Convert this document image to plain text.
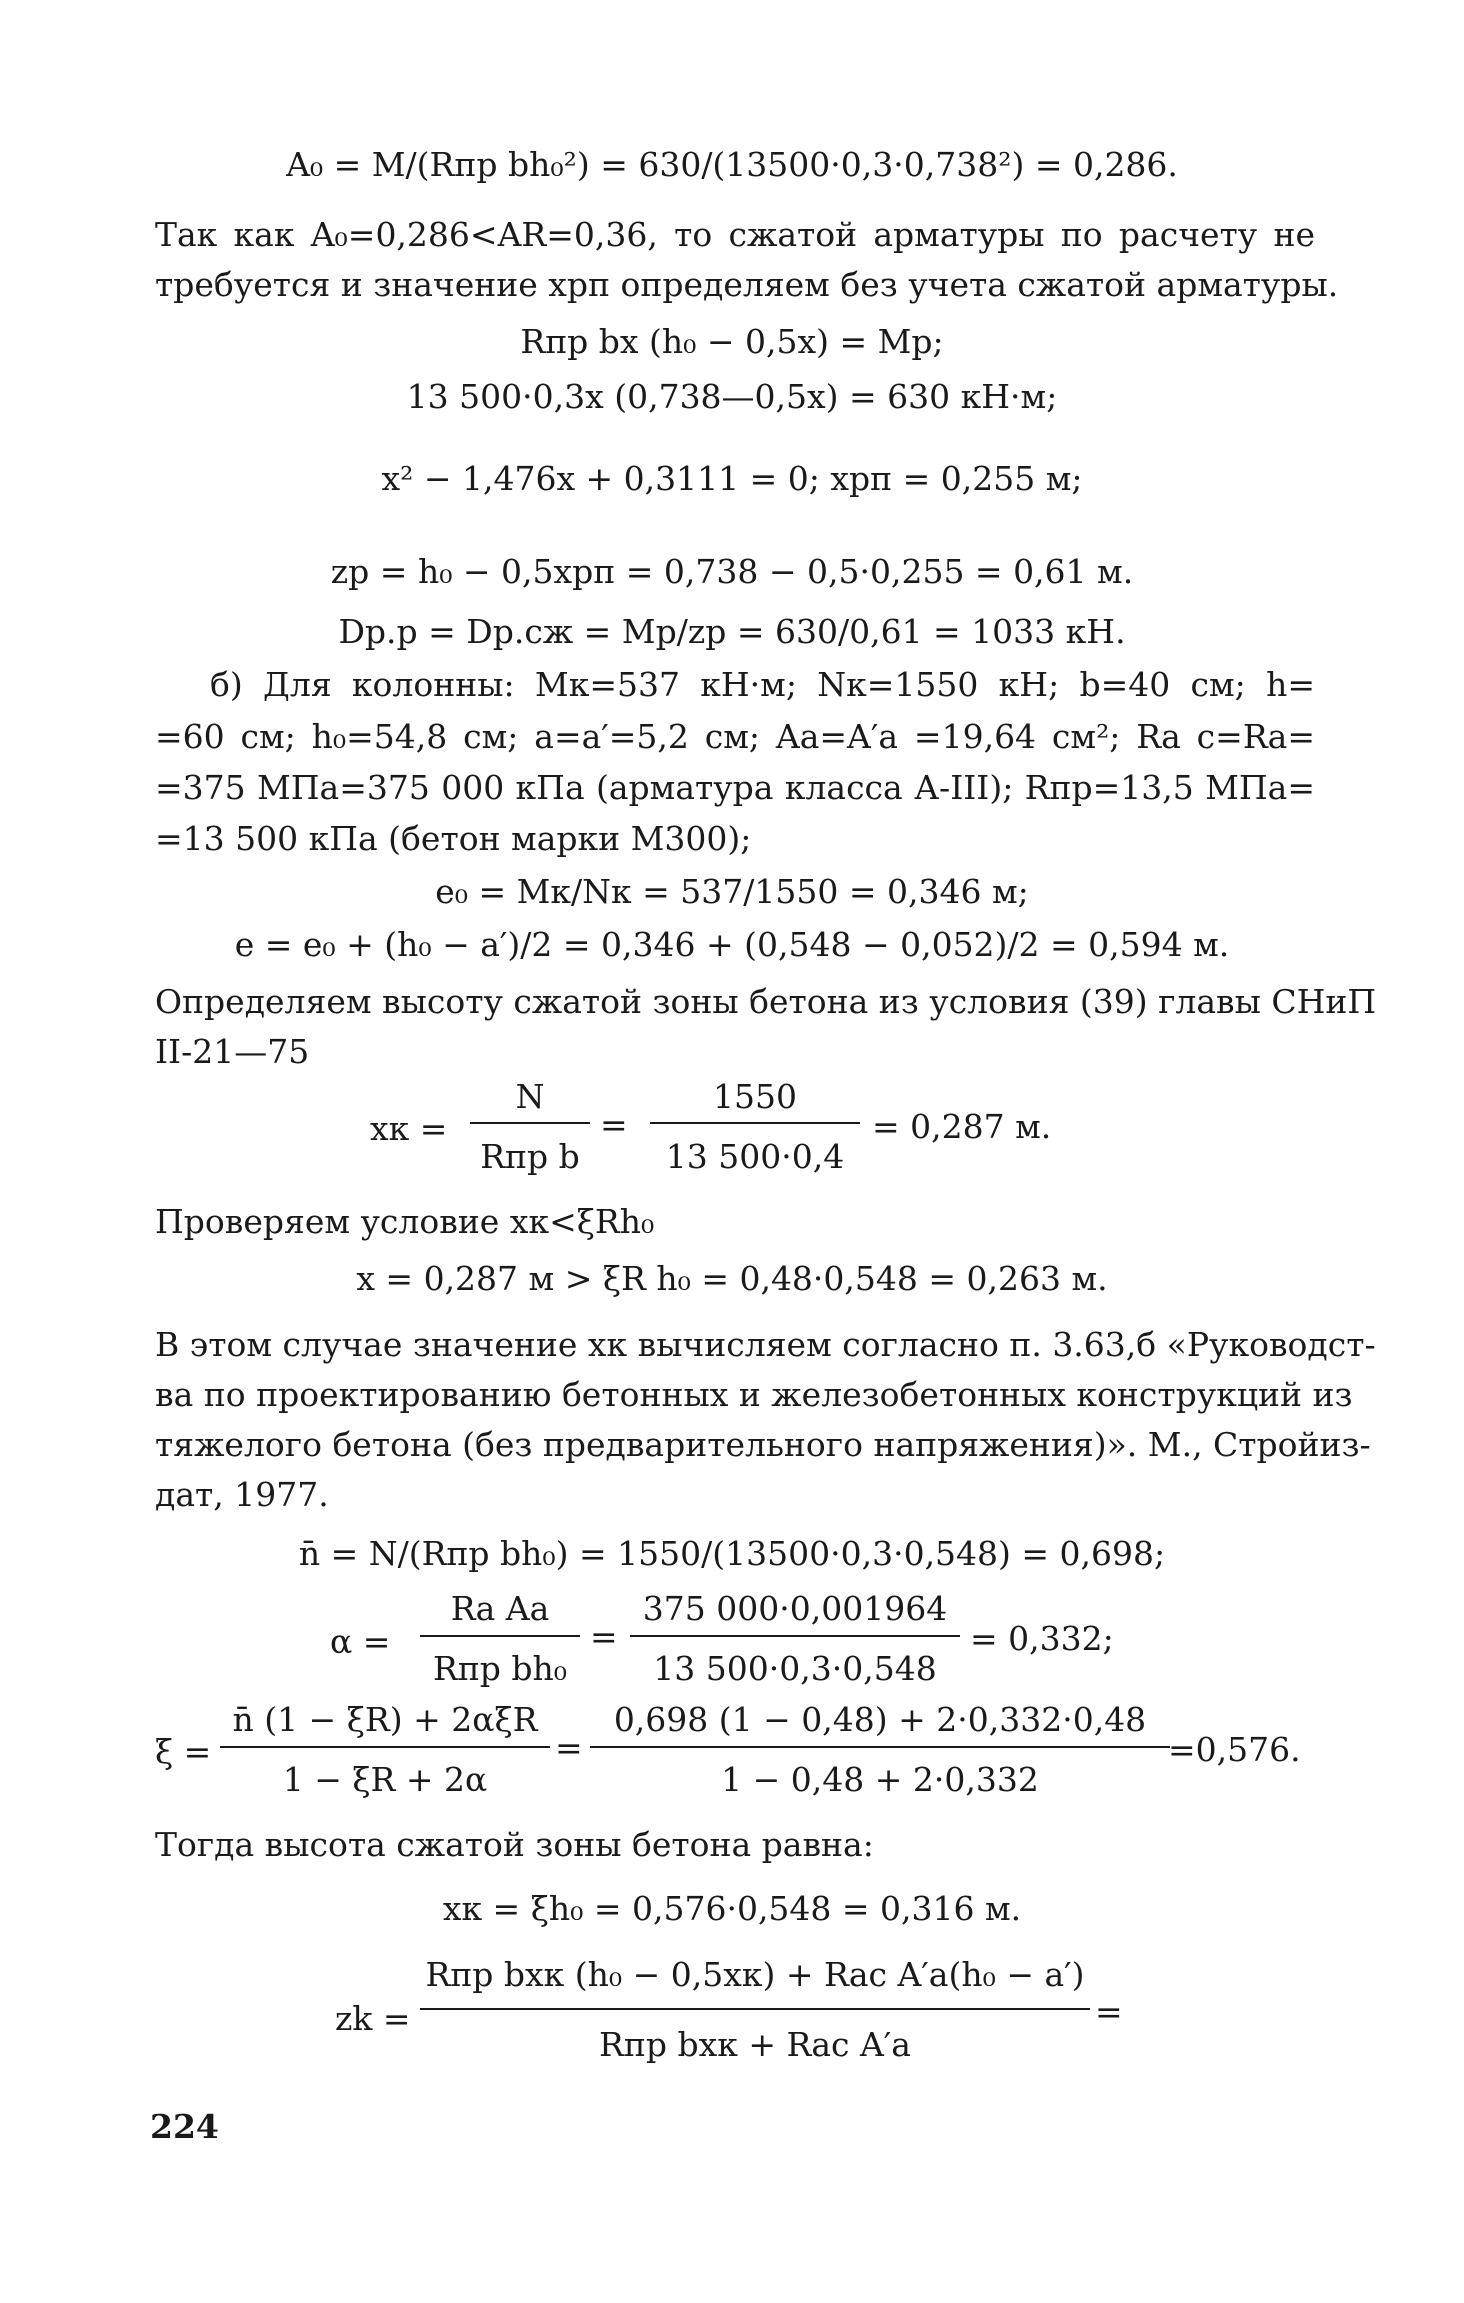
A₀ = M/(Rпр bh₀²) = 630/(13500·0,3·0,738²) = 0,286.
Так как A₀=0,286<AR=0,36, то сжатой арматуры по расчету не
требуется и значение xрп определяем без учета сжатой арматуры.
Rпр bx (h₀ − 0,5x) = Mр;
13 500·0,3x (0,738—0,5x) = 630 кН·м;
x² − 1,476x + 0,3111 = 0; xрп = 0,255 м;
zр = h₀ − 0,5xрп = 0,738 − 0,5·0,255 = 0,61 м.
Dр.р = Dр.сж = Mр/zр = 630/0,61 = 1033 кН.
б) Для колонны: Mк=537 кН·м; Nк=1550 кН; b=40 см; h=
=60 см; h₀=54,8 см; a=a′=5,2 см; Aа=A′а =19,64 см²; Rа с=Rа=
=375 МПа=375 000 кПа (арматура класса А-III); Rпр=13,5 МПа=
=13 500 кПа (бетон марки М300);
e₀ = Mк/Nк = 537/1550 = 0,346 м;
e = e₀ + (h₀ − a′)/2 = 0,346 + (0,548 − 0,052)/2 = 0,594 м.
Определяем высоту сжатой зоны бетона из условия (39) главы СНиП
II-21—75
xк =
N
Rпр b
=
1550
13 500·0,4
= 0,287 м.
Проверяем условие xк<ξRh₀
x = 0,287 м > ξR h₀ = 0,48·0,548 = 0,263 м.
В этом случае значение xк вычисляем согласно п. 3.63,б «Руководст-
ва по проектированию бетонных и железобетонных конструкций из
тяжелого бетона (без предварительного напряжения)». М., Стройиз-
дат, 1977.
n̄ = N/(Rпр bh₀) = 1550/(13500·0,3·0,548) = 0,698;
α =
Rа Aа
Rпр bh₀
=
375 000·0,001964
13 500·0,3·0,548
= 0,332;
ξ =
n̄ (1 − ξR) + 2αξR
1 − ξR + 2α
=
0,698 (1 − 0,48) + 2·0,332·0,48
1 − 0,48 + 2·0,332
=0,576.
Тогда высота сжатой зоны бетона равна:
xк = ξh₀ = 0,576·0,548 = 0,316 м.
zk =
Rпр bxк (h₀ − 0,5xк) + Rас A′а(h₀ − a′)
Rпр bxк + Rас A′а
=
224
